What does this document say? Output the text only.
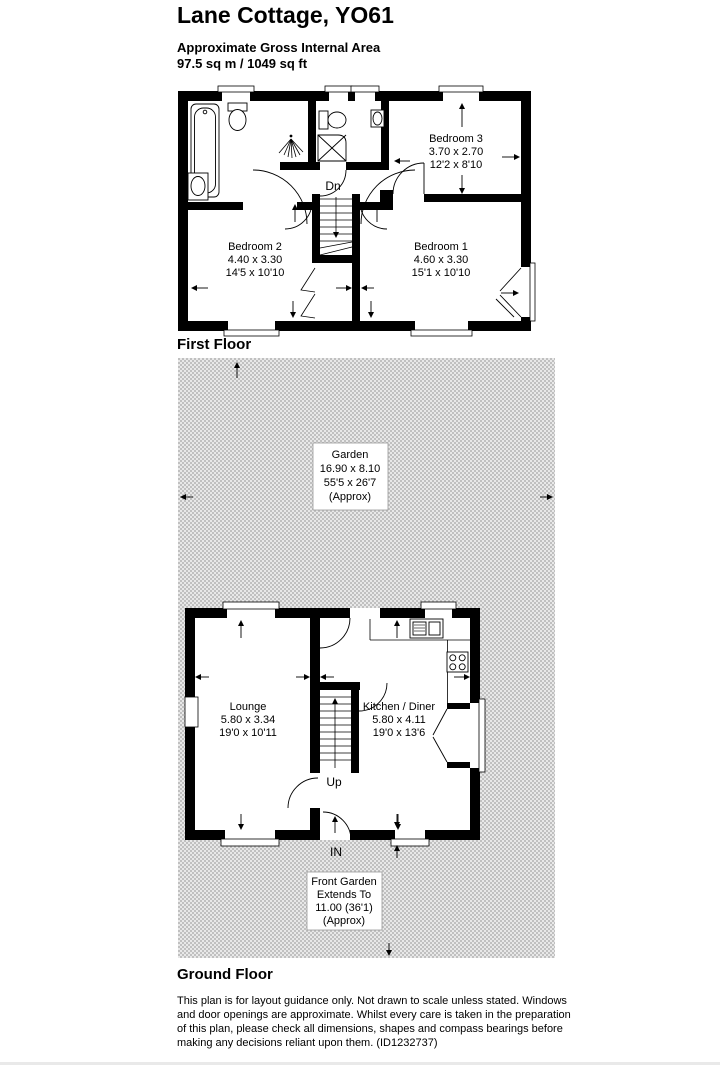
Lane Cottage, YO61
Approximate Gross Internal Area
97.5 sq m / 1049 sq ft
Bedroom 3
3.70 x 2.70
12'2 x 8'10
Bedroom 2
4.40 x 3.30
14'5 x 10'10
Bedroom 1
4.60 x 3.30
15'1 x 10'10
Dn
First Floor
Garden
16.90 x 8.10
55'5 x 26'7
(Approx)
Front Garden
Extends To
11.00 (36'1)
(Approx)
Lounge
5.80 x 3.34
19'0 x 10'11
Kitchen / Diner
5.80 x 4.11
19'0 x 13'6
Up
IN
Ground Floor
This plan is for layout guidance only. Not drawn to scale unless stated. Windows
and door openings are approximate. Whilst every care is taken in the preparation
of this plan, please check all dimensions, shapes and compass bearings before
making any decisions reliant upon them. (ID1232737)
